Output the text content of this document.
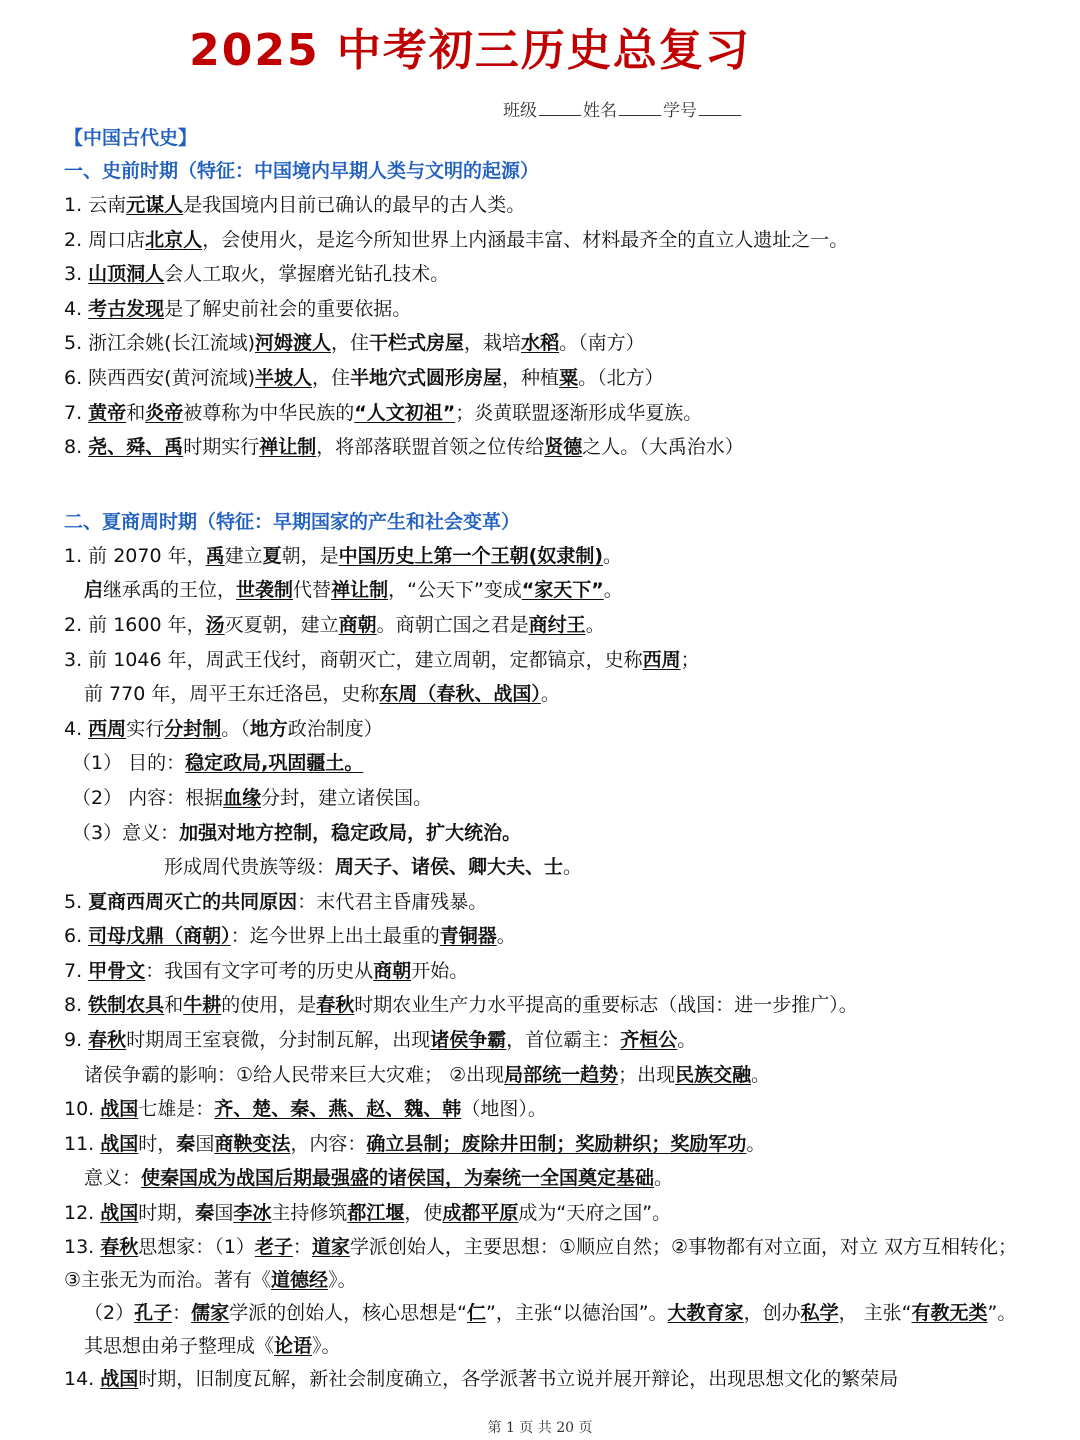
2025 中考初三历史总复习
班级	姓名	学号
【中国古代史】
一、史前时期（特征：中国境内早期人类与文明的起源）
1. 云南元谋人是我国境内目前已确认的最早的古人类。
2. 周口店北京人，会使用火，是迄今所知世界上内涵最丰富、材料最齐全的直立人遗址之一。
3. 山顶洞人会人工取火，掌握磨光钻孔技术。
4. 考古发现是了解史前社会的重要依据。
5. 浙江余姚(长江流域)河姆渡人，住干栏式房屋，栽培水稻。（南方）
6. 陕西西安(黄河流域)半坡人，住半地穴式圆形房屋，种植粟。（北方）
7. 黄帝和炎帝被尊称为中华民族的“人文初祖”；炎黄联盟逐渐形成华夏族。
8. 尧、舜、禹时期实行禅让制，将部落联盟首领之位传给贤德之人。（大禹治水）
二、夏商周时期（特征：早期国家的产生和社会变革）
1. 前 2070 年，禹建立夏朝，是中国历史上第一个王朝(奴隶制)。
启继承禹的王位，世袭制代替禅让制，“公天下”变成“家天下”。
2. 前 1600 年，汤灭夏朝，建立商朝。商朝亡国之君是商纣王。
3. 前 1046 年，周武王伐纣，商朝灭亡，建立周朝，定都镐京，史称西周；
前 770 年，周平王东迁洛邑，史称东周（春秋、战国）。
4. 西周实行分封制。（地方政治制度）
（1） 目的：稳定政局,巩固疆土。
（2） 内容：根据血缘分封，建立诸侯国。
（3）意义：加强对地方控制，稳定政局，扩大统治。
形成周代贵族等级：周天子、诸侯、卿大夫、士。
5. 夏商西周灭亡的共同原因：末代君主昏庸残暴。
6. 司母戊鼎（商朝）：迄今世界上出土最重的青铜器。
7. 甲骨文：我国有文字可考的历史从商朝开始。
8. 铁制农具和牛耕的使用，是春秋时期农业生产力水平提高的重要标志（战国：进一步推广）。
9. 春秋时期周王室衰微，分封制瓦解，出现诸侯争霸，首位霸主：齐桓公。
诸侯争霸的影响：①给人民带来巨大灾难； ②出现局部统一趋势；出现民族交融。
10. 战国七雄是：齐、楚、秦、燕、赵、魏、韩（地图）。
11. 战国时，秦国商鞅变法，内容：确立县制；废除井田制；奖励耕织；奖励军功。
意义：使秦国成为战国后期最强盛的诸侯国，为秦统一全国奠定基础。
12. 战国时期，秦国李冰主持修筑都江堰，使成都平原成为“天府之国”。
13. 春秋思想家：（1）老子：道家学派创始人，主要思想：①顺应自然；②事物都有对立面，对立 双方互相转化；③主张无为而治。著有《道德经》。
（2）孔子：儒家学派的创始人，核心思想是“仁”，主张“以德治国”。大教育家，创办私学， 主张“有教无类”。其思想由弟子整理成《论语》。
14. 战国时期，旧制度瓦解，新社会制度确立，各学派著书立说并展开辩论，出现思想文化的繁荣局
第 1 页 共 20 页
